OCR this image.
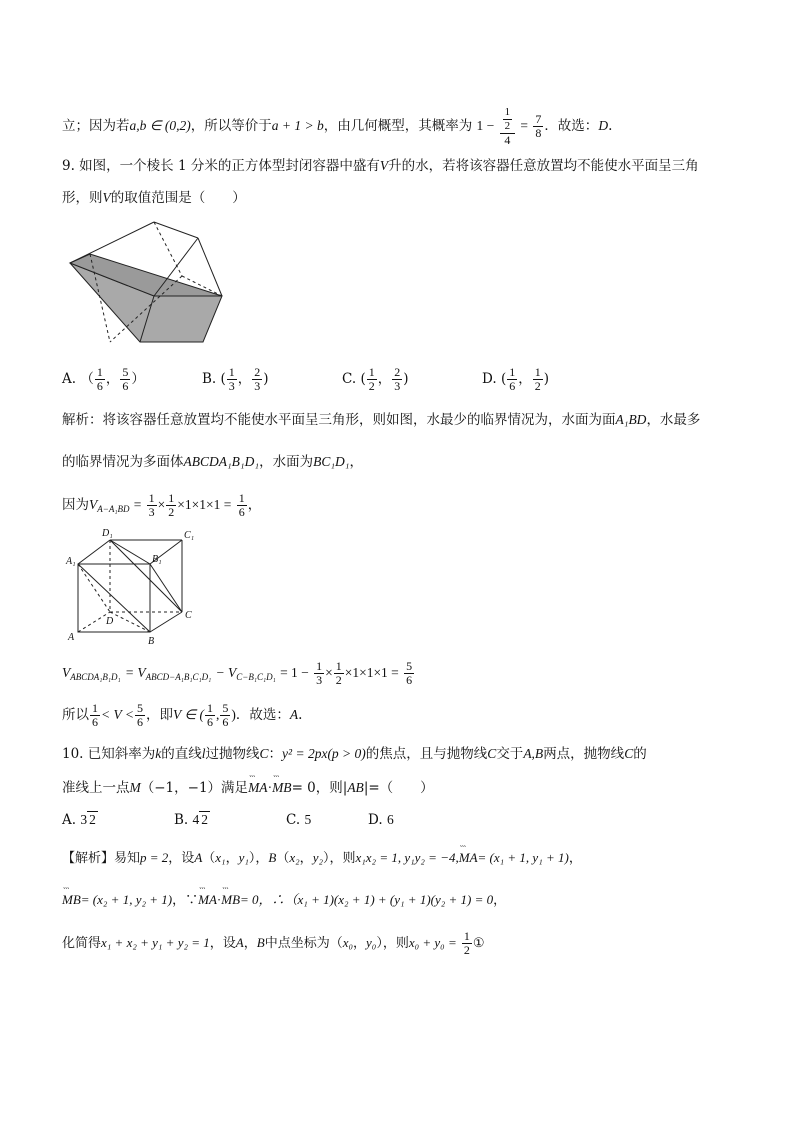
立；因为若a,b ∈ (0,2)，所以等价于a + 1 > b，由几何概型，其概率为 $1 - \frac{\frac{1}{2}}{4} = \frac{7}{8}$ ．故选：D.
9. 如图，一个棱长 1 分米的正方体型封闭容器中盛有V升的水，若将该容器任意放置均不能使水平面呈三角
形，则V的取值范围是（　　）
A. （ $\frac{1}{6}$ ， $\frac{5}{6}$ ）	B. ( $\frac{1}{3}$ ， $\frac{2}{3}$ )	C. ( $\frac{1}{2}$ ， $\frac{2}{3}$ )	D. ( $\frac{1}{6}$ ， $\frac{1}{2}$ )
解析：将该容器任意放置均不能使水平面呈三角形，则如图，水最少的临界情况为，水面为面A₁BD，水最多
的临界情况为多面体ABCDA₁B₁D₁，水面为BC₁D₁，
因为$V_{A-A_1BD} = \frac{1}{3} \times \frac{1}{2} \times 1\times 1\times 1 = \frac{1}{6}$ ，
D₁	C₁
A₁	B₁
D
C
A	B
$V_{ABCDA_1B_1D_1} = V_{ABCD-A_1B_1C_1D_1} - V_{C-B_1C_1D_1} = 1 - \frac{1}{3} \times \frac{1}{2} \times 1\times 1\times 1 = \frac{5}{6}$
所以 $\frac{1}{6} < V < \frac{5}{6}$ ，即V ∈ ( $\frac{1}{6}$ , $\frac{5}{6}$ )．故选：A.
10. 已知斜率为k的直线l过抛物线C：y² = 2px(p > 0)的焦点，且与抛物线C交于A,B两点，抛物线C的
准线上一点M（−1，−1）满足``` MA·``` MB= 0，则|AB|=（　　）
A. 3 2	B. 4 2	C. 5	D. 6
【解析】易知p = 2，设A（x₁，y₁），B（x₂，y₂），则x₁x₂ = 1, y₁y₂ = −4,``` MA= (x₁ + 1, y₁ + 1)，
``` MB= (x₂ + 1, y₂ + 1)，∵``` MA·``` MB= 0，∴（x₁ + 1)(x₂ + 1) + (y₁ + 1)(y₂ + 1) = 0，
化简得x₁ + x₂ + y₁ + y₂ = 1，设A，B中点坐标为（x₀，y₀），则$x_0 + y_0 = \frac{1}{2}$ ①
